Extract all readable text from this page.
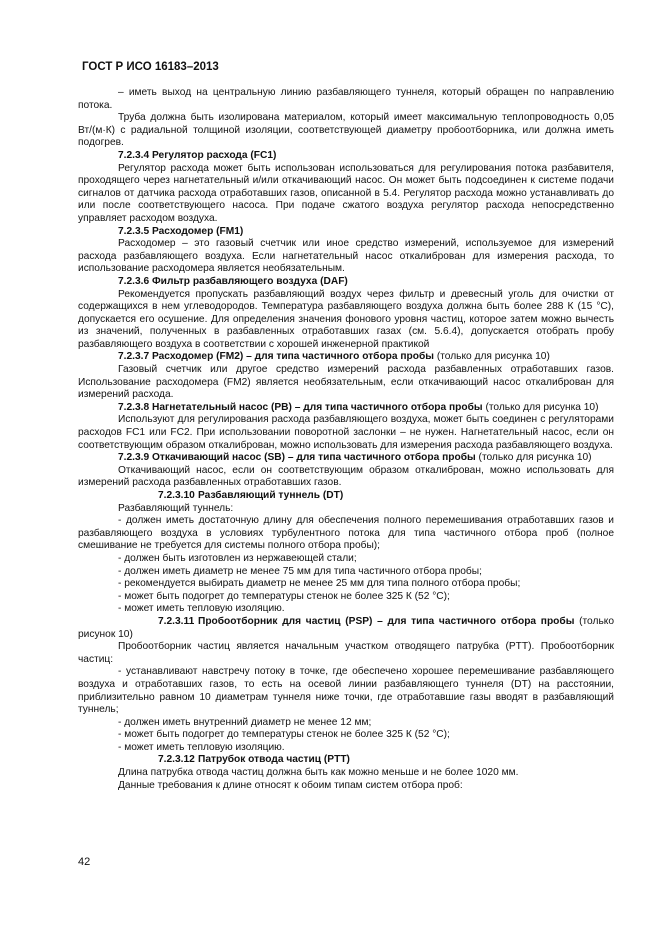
ГОСТ Р ИСО 16183–2013

– иметь выход на центральную линию разбавляющего туннеля, который обращен по направлению потока.

Труба должна быть изолирована материалом, который имеет максимальную теплопроводность 0,05 Вт/(м·К) с радиальной толщиной изоляции, соответствующей диаметру пробоотборника, или должна иметь подогрев.

7.2.3.4 Регулятор расхода (FC1)

Регулятор расхода может быть использован использоваться для регулирования потока разбавителя, проходящего через нагнетательный и/или откачивающий насос. Он может быть подсоединен к системе подачи сигналов от датчика расхода отработавших газов, описанной в 5.4. Регулятор расхода можно устанавливать до или после соответствующего насоса. При подаче сжатого воздуха регулятор расхода непосредственно управляет расходом воздуха.

7.2.3.5 Расходомер (FM1)

Расходомер – это газовый счетчик или иное средство измерений, используемое для измерений расхода разбавляющего воздуха. Если нагнетательный насос откалиброван для измерения расхода, то использование расходомера является необязательным.

7.2.3.6 Фильтр разбавляющего воздуха (DAF)

Рекомендуется пропускать разбавляющий воздух через фильтр и древесный уголь для очистки от содержащихся в нем углеводородов. Температура разбавляющего воздуха должна быть более 288 К (15 °С), допускается его осушение. Для определения значения фонового уровня частиц, которое затем можно вычесть из значений, полученных в разбавленных отработавших газах (см. 5.6.4), допускается отобрать пробу разбавляющего воздуха в соответствии с хорошей инженерной практикой

7.2.3.7 Расходомер (FM2) – для типа частичного отбора пробы (только для рисунка 10)

Газовый счетчик или другое средство измерений расхода разбавленных отработавших газов. Использование расходомера (FM2) является необязательным, если откачивающий насос откалиброван для измерений расхода.

7.2.3.8 Нагнетательный насос (PB) – для типа частичного отбора пробы (только для рисунка 10)

Используют для регулирования расхода разбавляющего воздуха, может быть соединен с регуляторами расходов FC1 или FC2. При использовании поворотной заслонки – не нужен. Нагнетательный насос, если он соответствующим образом откалиброван, можно использовать для измерения расхода разбавляющего воздуха.

7.2.3.9 Откачивающий насос (SB) – для типа частичного отбора пробы (только для рисунка 10)

Откачивающий насос, если он соответствующим образом откалиброван, можно использовать для измерений расхода разбавленных отработавших газов.

7.2.3.10 Разбавляющий туннель (DT)

Разбавляющий туннель:

- должен иметь достаточную длину для обеспечения полного перемешивания отработавших газов и разбавляющего воздуха в условиях турбулентного потока для типа частичного отбора проб (полное смешивание не требуется для системы полного отбора пробы);

- должен быть изготовлен из нержавеющей стали;

- должен иметь диаметр не менее 75 мм для типа частичного отбора пробы;

- рекомендуется выбирать диаметр не менее 25 мм для типа полного отбора пробы;

- может быть подогрет до температуры стенок не более 325 К (52 °С);

- может иметь тепловую изоляцию.

7.2.3.11 Пробоотборник для частиц (PSP) – для типа частичного отбора пробы (только рисунок 10)

Пробоотборник частиц является начальным участком отводящего патрубка (PTT). Пробоотборник частиц:

- устанавливают навстречу потоку в точке, где обеспечено хорошее перемешивание разбавляющего воздуха и отработавших газов, то есть на осевой линии разбавляющего туннеля (DT) на расстоянии, приблизительно равном 10 диаметрам туннеля ниже точки, где отработавшие газы вводят в разбавляющий туннель;

- должен иметь внутренний диаметр не менее 12 мм;

- может быть подогрет до температуры стенок не более 325 К (52 °С);

- может иметь тепловую изоляцию.

7.2.3.12 Патрубок отвода частиц (PTT)

Длина патрубка отвода частиц должна быть как можно меньше и не более 1020 мм.

Данные требования к длине относят к обоим типам систем отбора проб:

42
